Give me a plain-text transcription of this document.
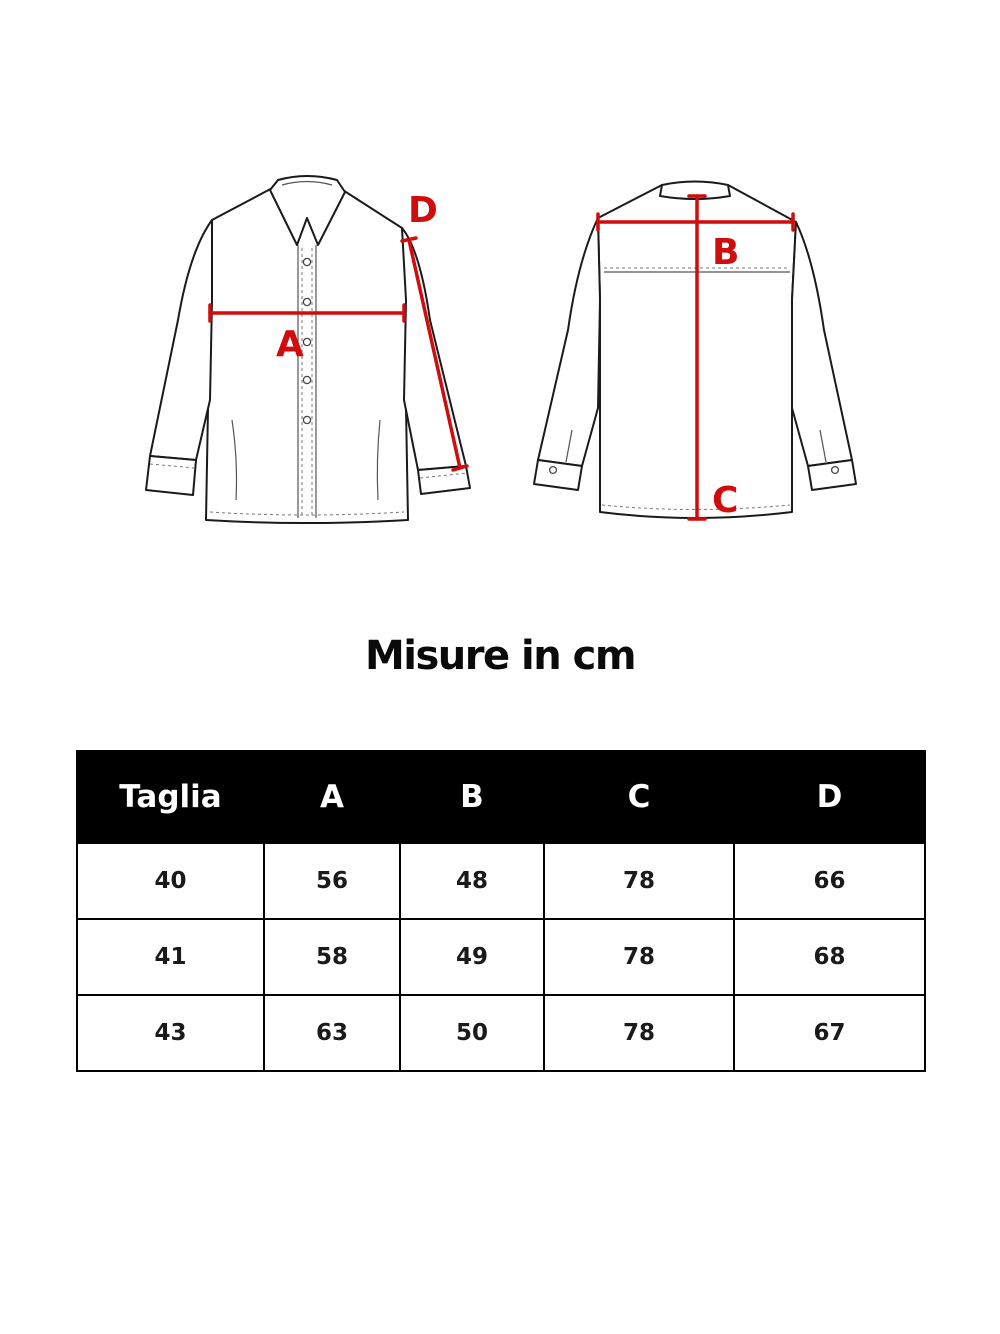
A
D
B
C
Misure in cm
Taglia	A	B	C	D
40	56	48	78	66
41	58	49	78	68
43	63	50	78	67
